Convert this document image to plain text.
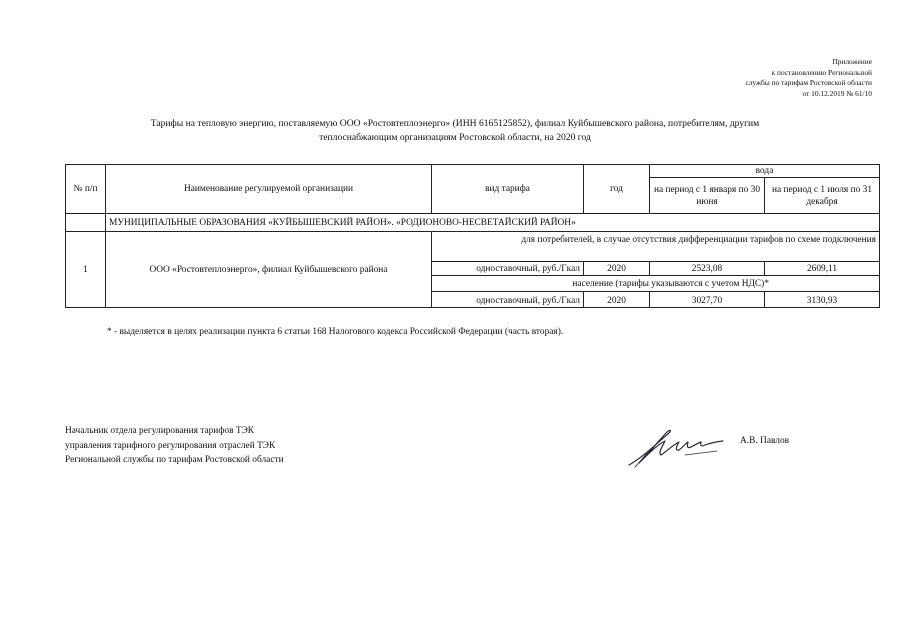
Приложение
к постановлению Региональной
службы по тарифам Ростовской области
от 10.12.2019 № 61/10
Тарифы на тепловую энергию, поставляемую ООО «Ростовтеплоэнерго» (ИНН 6165125852), филиал Куйбышевского района, потребителям, другим
теплоснабжающим организациям Ростовской области, на 2020 год
№ п/п	Наименование регулируемой организации	вид тарифа	год	вода	
				на период с 1 января по 30 июня	на период с 1 июля по 31 декабря
	МУНИЦИПАЛЬНЫЕ ОБРАЗОВАНИЯ «КУЙБЫШЕВСКИЙ РАЙОН». «РОДИОНОВО-НЕСВЕТАЙСКИЙ РАЙОН»				
1	ООО «Ростовтеплоэнерго», филиал Куйбышевского района	для потребителей, в случае отсутствия дифференциации тарифов по схеме подключения			
		одноставочный, руб./Гкал	2020	2523,08	2609,11
		население (тарифы указываются с учетом НДС)*			
		одноставочный, руб./Гкал	2020	3027,70	3130,93
* - выделяется в целях реализации пункта 6 статьи 168 Налогового кодекса Российской Федерации (часть вторая).
Начальник отдела регулирования тарифов ТЭК
управления тарифного регулирования отраслей ТЭК
Региональной службы по тарифам Ростовской области
А.В. Павлов
